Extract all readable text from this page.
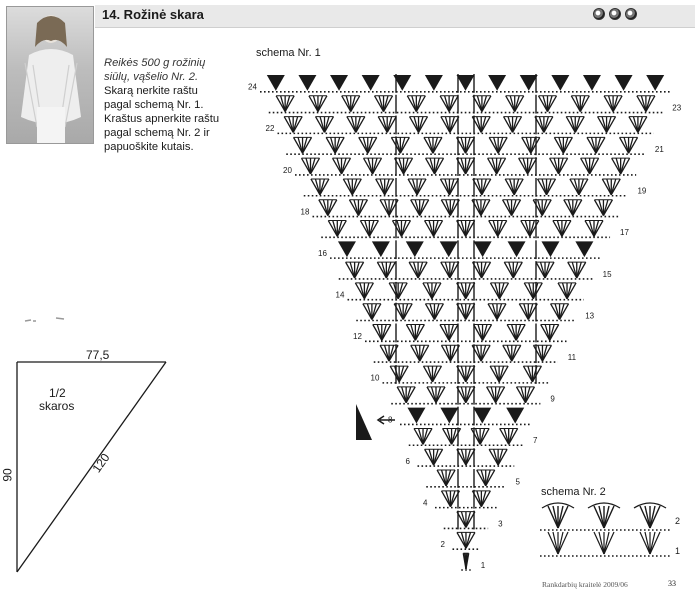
14. Rožinė skara
Reikės 500 g rožinių
siūlų, vąšelio Nr. 2.
Skarą nerkite raštu
pagal schemą Nr. 1.
Kraštus apnerkite raštu
pagal schemą Nr. 2 ir
papuoškite kutais.
schema Nr. 1
24
22
20
18
16
14
12
10
8
6
4
2
23
21
19
17
15
13
11
9
7
5
3
1
schema Nr. 2
2
1
77,5
90	120
1/2
skaros
Rankdarbių kraitelė 2009/06	33
